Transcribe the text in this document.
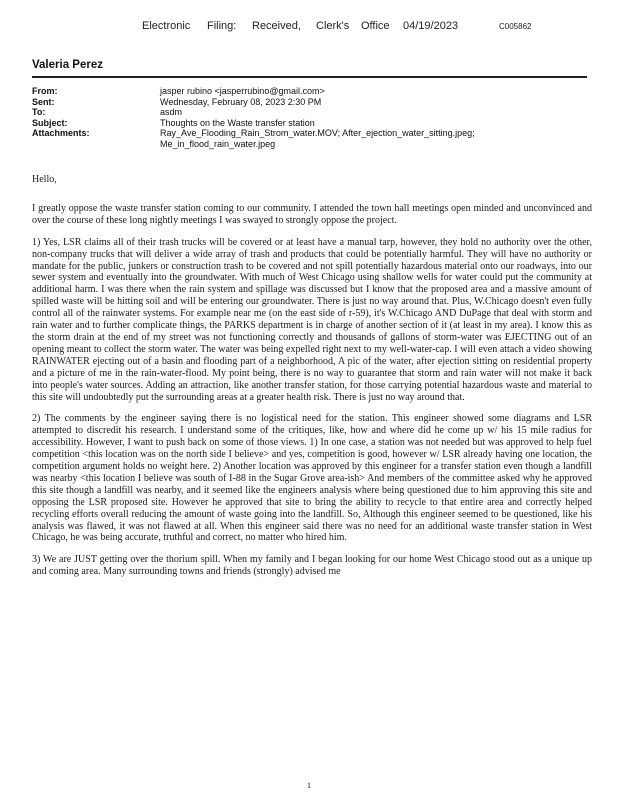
Electronic Filing: Received, Clerk's Office 04/19/2023	C005862
Valeria Perez
From:	jasper rubino <jasperrubino@gmail.com>
Sent:	Wednesday, February 08, 2023 2:30 PM
To:	asdm
Subject:	Thoughts on the Waste transfer station
Attachments:	Ray_Ave_Flooding_Rain_Strom_water.MOV; After_ejection_water_sitting.jpeg;
Me_in_flood_rain_water.jpeg

Hello,

I greatly oppose the waste transfer station coming to our community. I attended the town hall meetings open minded and unconvinced and over the course of these long nightly meetings I was swayed to strongly oppose the project.

1) Yes, LSR claims all of their trash trucks will be covered or at least have a manual tarp, however, they hold no authority over the other, non-company trucks that will deliver a wide array of trash and products that could be potentially harmful. They will have no authority or mandate for the public, junkers or construction trash to be covered and not spill potentially hazardous material onto our roadways, into our sewer system and eventually into the groundwater. With much of West Chicago using shallow wells for water could put the community at additional harm. I was there when the rain system and spillage was discussed but I know that the proposed area and a massive amount of spilled waste will be hitting soil and will be entering our groundwater. There is just no way around that. Plus, W.Chicago doesn't even fully control all of the rainwater systems. For example near me (on the east side of r-59), it's W.Chicago AND DuPage that deal with storm and rain water and to further complicate things, the PARKS department is in charge of another section of it (at least in my area). I know this as the storm drain at the end of my street was not functioning correctly and thousands of gallons of storm-water was EJECTING out of an opening meant to collect the storm water. The water was being expelled right next to my well-water-cap. I will even attach a video showing RAINWATER ejecting out of a basin and flooding part of a neighborhood, A pic of the water, after ejection sitting on residential property and a picture of me in the rain-water-flood. My point being, there is no way to guarantee that storm and rain water will not make it back into people's water sources. Adding an attraction, like another transfer station, for those carrying potential hazardous waste and material to this site will undoubtedly put the surrounding areas at a greater health risk. There is just no way around that.

2) The comments by the engineer saying there is no logistical need for the station. This engineer showed some diagrams and LSR attempted to discredit his research. I understand some of the critiques, like, how and where did he come up w/ his 15 mile radius for accessibility. However, I want to push back on some of those views. 1) In one case, a station was not needed but was approved to help fuel competition <this location was on the north side I believe> and yes, competition is good, however w/ LSR already having one location, the competition argument holds no weight here. 2) Another location was approved by this engineer for a transfer station even though a landfill was nearby <this location I believe was south of I-88 in the Sugar Grove area-ish> And members of the committee asked why he approved this site though a landfill was nearby, and it seemed like the engineers analysis where being questioned due to him approving this site and opposing the LSR proposed site. However he approved that site to bring the ability to recycle to that entire area and correctly helped recycling efforts overall reducing the amount of waste going into the landfill. So, Although this engineer seemed to be questioned, like his analysis was flawed, it was not flawed at all. When this engineer said there was no need for an additional waste transfer station in West Chicago, he was being accurate, truthful and correct, no matter who hired him.

3) We are JUST getting over the thorium spill. When my family and I began looking for our home West Chicago stood out as a unique up and coming area. Many surrounding towns and friends (strongly) advised me

1
